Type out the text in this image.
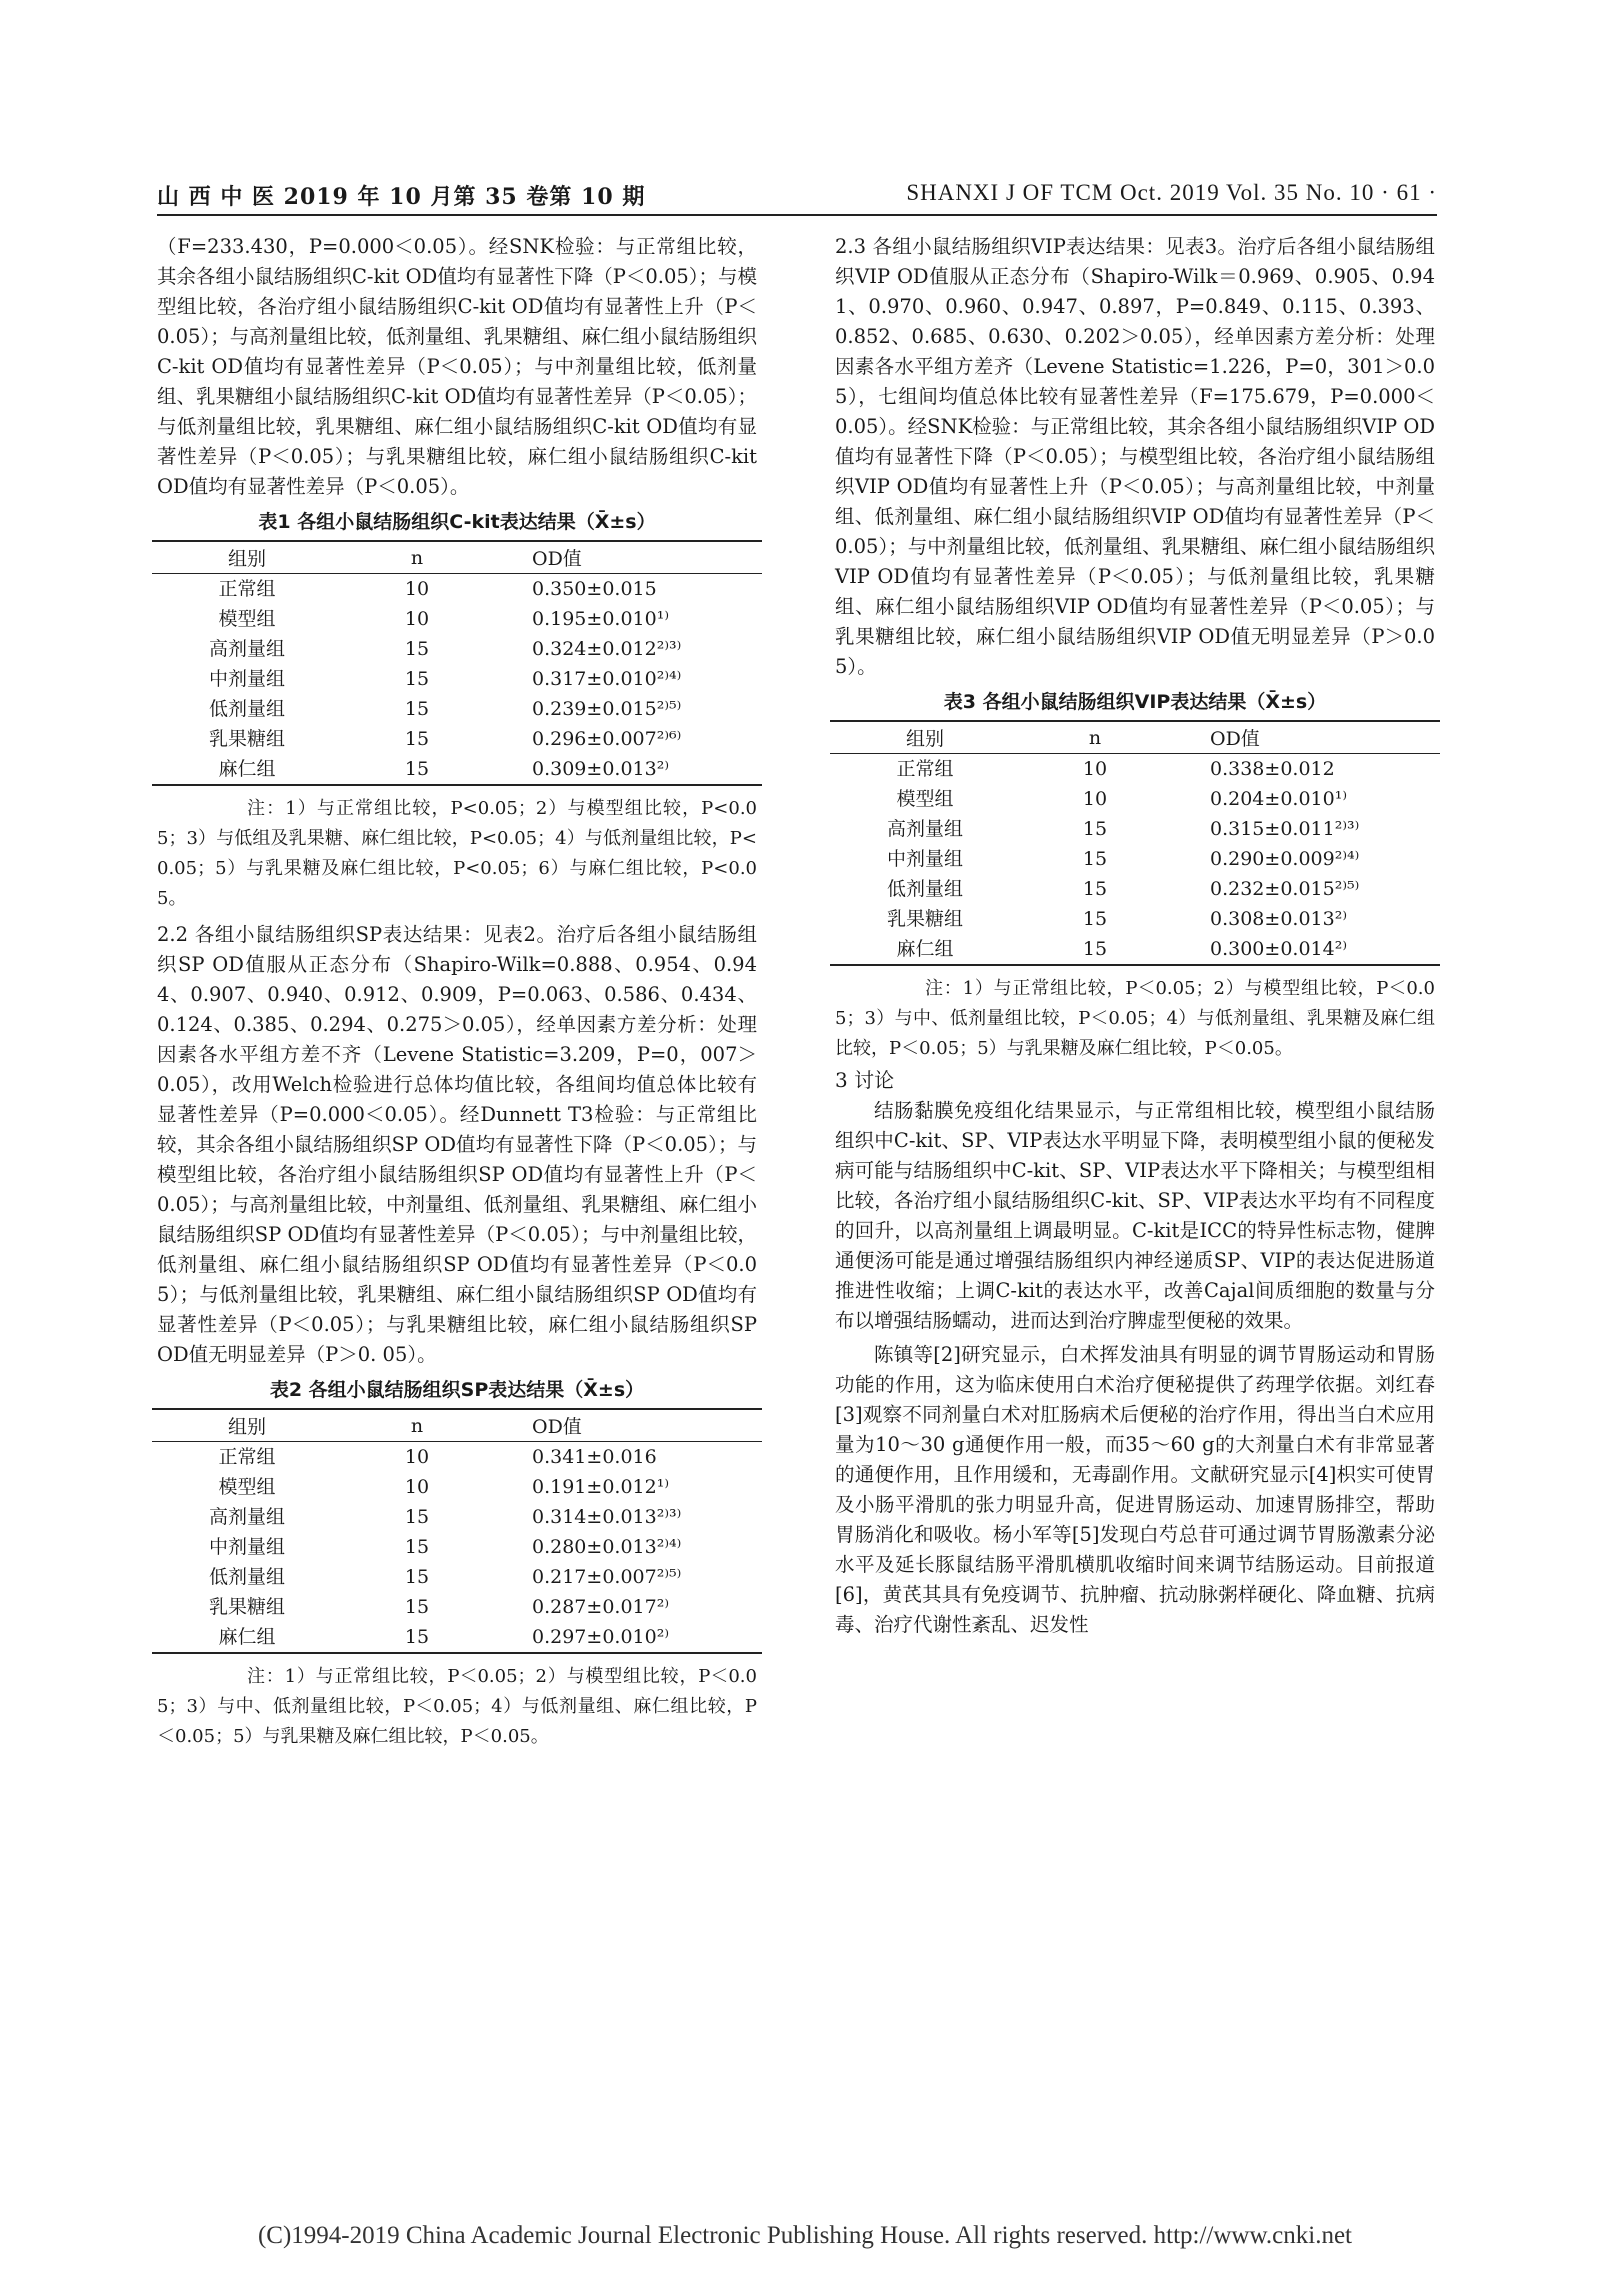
山 西 中 医 2019 年 10 月第 35 卷第 10 期	SHANXI J OF TCM Oct. 2019 Vol. 35 No. 10 · 61 ·

（F=233.430，P=0.000＜0.05）。经SNK检验：与正常组比较，其余各组小鼠结肠组织C-kit OD值均有显著性下降（P＜0.05）；与模型组比较，各治疗组小鼠结肠组织C-kit OD值均有显著性上升（P＜0.05）；与高剂量组比较，低剂量组、乳果糖组、麻仁组小鼠结肠组织C-kit OD值均有显著性差异（P＜0.05）；与中剂量组比较，低剂量组、乳果糖组小鼠结肠组织C-kit OD值均有显著性差异（P＜0.05）；与低剂量组比较，乳果糖组、麻仁组小鼠结肠组织C-kit OD值均有显著性差异（P＜0.05）；与乳果糖组比较，麻仁组小鼠结肠组织C-kit OD值均有显著性差异（P＜0.05）。

表1 各组小鼠结肠组织C-kit表达结果（X̄±s）
组别	n	OD值
正常组	10	0.350±0.015
模型组	10	0.195±0.010¹⁾
高剂量组	15	0.324±0.012²⁾³⁾
中剂量组	15	0.317±0.010²⁾⁴⁾
低剂量组	15	0.239±0.015²⁾⁵⁾
乳果糖组	15	0.296±0.007²⁾⁶⁾
麻仁组	15	0.309±0.013²⁾

注：1）与正常组比较，P<0.05；2）与模型组比较，P<0.05；3）与低组及乳果糖、麻仁组比较，P<0.05；4）与低剂量组比较，P<0.05；5）与乳果糖及麻仁组比较，P<0.05；6）与麻仁组比较，P<0.05。

2.2 各组小鼠结肠组织SP表达结果：见表2。治疗后各组小鼠结肠组织SP OD值服从正态分布（Shapiro-Wilk=0.888、0.954、0.944、0.907、0.940、0.912、0.909，P=0.063、0.586、0.434、0.124、0.385、0.294、0.275＞0.05），经单因素方差分析：处理因素各水平组方差不齐（Levene Statistic=3.209，P=0，007＞0.05），改用Welch检验进行总体均值比较，各组间均值总体比较有显著性差异（P=0.000＜0.05）。经Dunnett T3检验：与正常组比较，其余各组小鼠结肠组织SP OD值均有显著性下降（P＜0.05）；与模型组比较，各治疗组小鼠结肠组织SP OD值均有显著性上升（P＜0.05）；与高剂量组比较，中剂量组、低剂量组、乳果糖组、麻仁组小鼠结肠组织SP OD值均有显著性差异（P＜0.05）；与中剂量组比较，低剂量组、麻仁组小鼠结肠组织SP OD值均有显著性差异（P＜0.05）；与低剂量组比较，乳果糖组、麻仁组小鼠结肠组织SP OD值均有显著性差异（P＜0.05）；与乳果糖组比较，麻仁组小鼠结肠组织SP OD值无明显差异（P＞0. 05）。

表2 各组小鼠结肠组织SP表达结果（X̄±s）
组别	n	OD值
正常组	10	0.341±0.016
模型组	10	0.191±0.012¹⁾
高剂量组	15	0.314±0.013²⁾³⁾
中剂量组	15	0.280±0.013²⁾⁴⁾
低剂量组	15	0.217±0.007²⁾⁵⁾
乳果糖组	15	0.287±0.017²⁾
麻仁组	15	0.297±0.010²⁾

注：1）与正常组比较，P＜0.05；2）与模型组比较，P＜0.05；3）与中、低剂量组比较，P＜0.05；4）与低剂量组、麻仁组比较，P＜0.05；5）与乳果糖及麻仁组比较，P＜0.05。

2.3 各组小鼠结肠组织VIP表达结果：见表3。治疗后各组小鼠结肠组织VIP OD值服从正态分布（Shapiro-Wilk＝0.969、0.905、0.941、0.970、0.960、0.947、0.897，P=0.849、0.115、0.393、0.852、0.685、0.630、0.202＞0.05），经单因素方差分析：处理因素各水平组方差齐（Levene Statistic=1.226，P=0，301＞0.05），七组间均值总体比较有显著性差异（F=175.679，P=0.000＜0.05）。经SNK检验：与正常组比较，其余各组小鼠结肠组织VIP OD值均有显著性下降（P＜0.05）；与模型组比较，各治疗组小鼠结肠组织VIP OD值均有显著性上升（P＜0.05）；与高剂量组比较，中剂量组、低剂量组、麻仁组小鼠结肠组织VIP OD值均有显著性差异（P＜0.05）；与中剂量组比较，低剂量组、乳果糖组、麻仁组小鼠结肠组织VIP OD值均有显著性差异（P＜0.05）；与低剂量组比较，乳果糖组、麻仁组小鼠结肠组织VIP OD值均有显著性差异（P＜0.05）；与乳果糖组比较，麻仁组小鼠结肠组织VIP OD值无明显差异（P＞0.05）。

表3 各组小鼠结肠组织VIP表达结果（X̄±s）
组别	n	OD值
正常组	10	0.338±0.012
模型组	10	0.204±0.010¹⁾
高剂量组	15	0.315±0.011²⁾³⁾
中剂量组	15	0.290±0.009²⁾⁴⁾
低剂量组	15	0.232±0.015²⁾⁵⁾
乳果糖组	15	0.308±0.013²⁾
麻仁组	15	0.300±0.014²⁾

注：1）与正常组比较，P＜0.05；2）与模型组比较，P＜0.05；3）与中、低剂量组比较，P＜0.05；4）与低剂量组、乳果糖及麻仁组比较，P＜0.05；5）与乳果糖及麻仁组比较，P＜0.05。

3 讨论

结肠黏膜免疫组化结果显示，与正常组相比较，模型组小鼠结肠组织中C-kit、SP、VIP表达水平明显下降，表明模型组小鼠的便秘发病可能与结肠组织中C-kit、SP、VIP表达水平下降相关；与模型组相比较，各治疗组小鼠结肠组织C-kit、SP、VIP表达水平均有不同程度的回升，以高剂量组上调最明显。C-kit是ICC的特异性标志物，健脾通便汤可能是通过增强结肠组织内神经递质SP、VIP的表达促进肠道推进性收缩；上调C-kit的表达水平，改善Cajal间质细胞的数量与分布以增强结肠蠕动，进而达到治疗脾虚型便秘的效果。

陈镇等[2]研究显示，白术挥发油具有明显的调节胃肠运动和胃肠功能的作用，这为临床使用白术治疗便秘提供了药理学依据。刘红春[3]观察不同剂量白术对肛肠病术后便秘的治疗作用，得出当白术应用量为10～30 g通便作用一般，而35～60 g的大剂量白术有非常显著的通便作用，且作用缓和，无毒副作用。文献研究显示[4]枳实可使胃及小肠平滑肌的张力明显升高，促进胃肠运动、加速胃肠排空，帮助胃肠消化和吸收。杨小军等[5]发现白芍总苷可通过调节胃肠激素分泌水平及延长豚鼠结肠平滑肌横肌收缩时间来调节结肠运动。目前报道[6]，黄芪其具有免疫调节、抗肿瘤、抗动脉粥样硬化、降血糖、抗病毒、治疗代谢性紊乱、迟发性

(C)1994-2019 China Academic Journal Electronic Publishing House. All rights reserved. http://www.cnki.net
